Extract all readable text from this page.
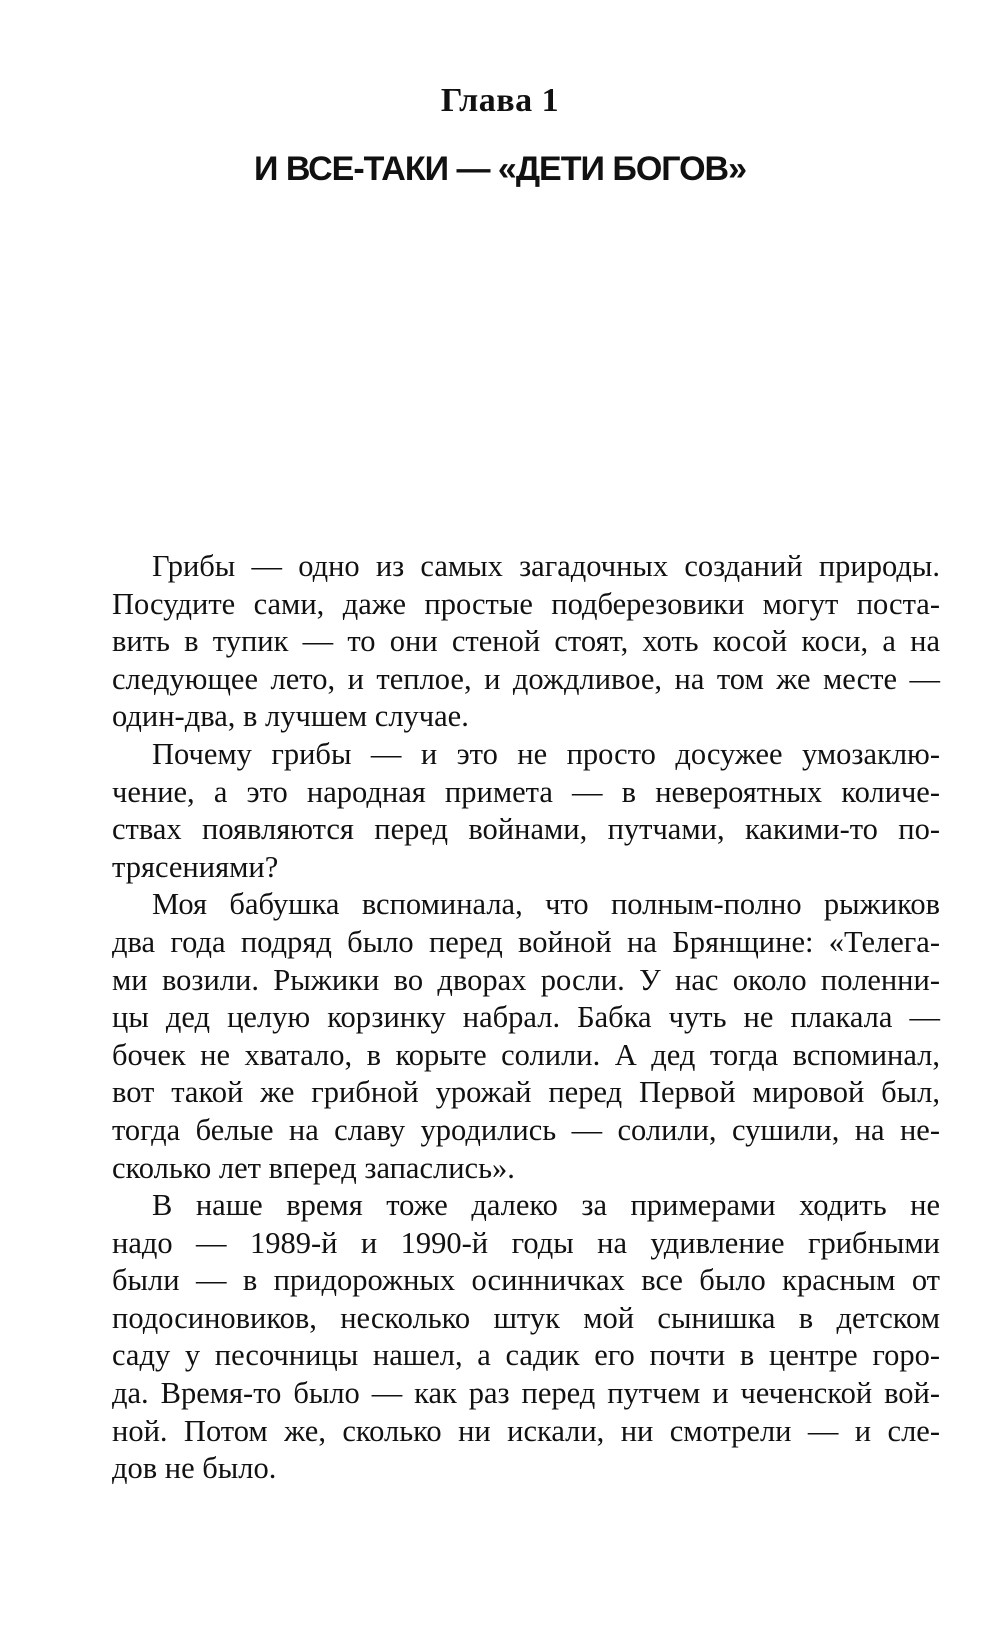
Глава 1
И ВСЕ-ТАКИ — «ДЕТИ БОГОВ»
Грибы — одно из самых загадочных созданий природы.
Посудите сами, даже простые подберезовики могут поста-
вить в тупик — то они стеной стоят, хоть косой коси, а на
следующее лето, и теплое, и дождливое, на том же месте —
один-два, в лучшем случае.
Почему грибы — и это не просто досужее умозаклю-
чение, а это народная примета — в невероятных количе-
ствах появляются перед войнами, путчами, какими-то по-
трясениями?
Моя бабушка вспоминала, что полным-полно рыжиков
два года подряд было перед войной на Брянщине: «Телега-
ми возили. Рыжики во дворах росли. У нас около поленни-
цы дед целую корзинку набрал. Бабка чуть не плакала —
бочек не хватало, в корыте солили. А дед тогда вспоминал,
вот такой же грибной урожай перед Первой мировой был,
тогда белые на славу уродились — солили, сушили, на не-
сколько лет вперед запаслись».
В наше время тоже далеко за примерами ходить не
надо — 1989-й и 1990-й годы на удивление грибными
были — в придорожных осинничках все было красным от
подосиновиков, несколько штук мой сынишка в детском
саду у песочницы нашел, а садик его почти в центре горо-
да. Время-то было — как раз перед путчем и чеченской вой-
ной. Потом же, сколько ни искали, ни смотрели — и сле-
дов не было.
